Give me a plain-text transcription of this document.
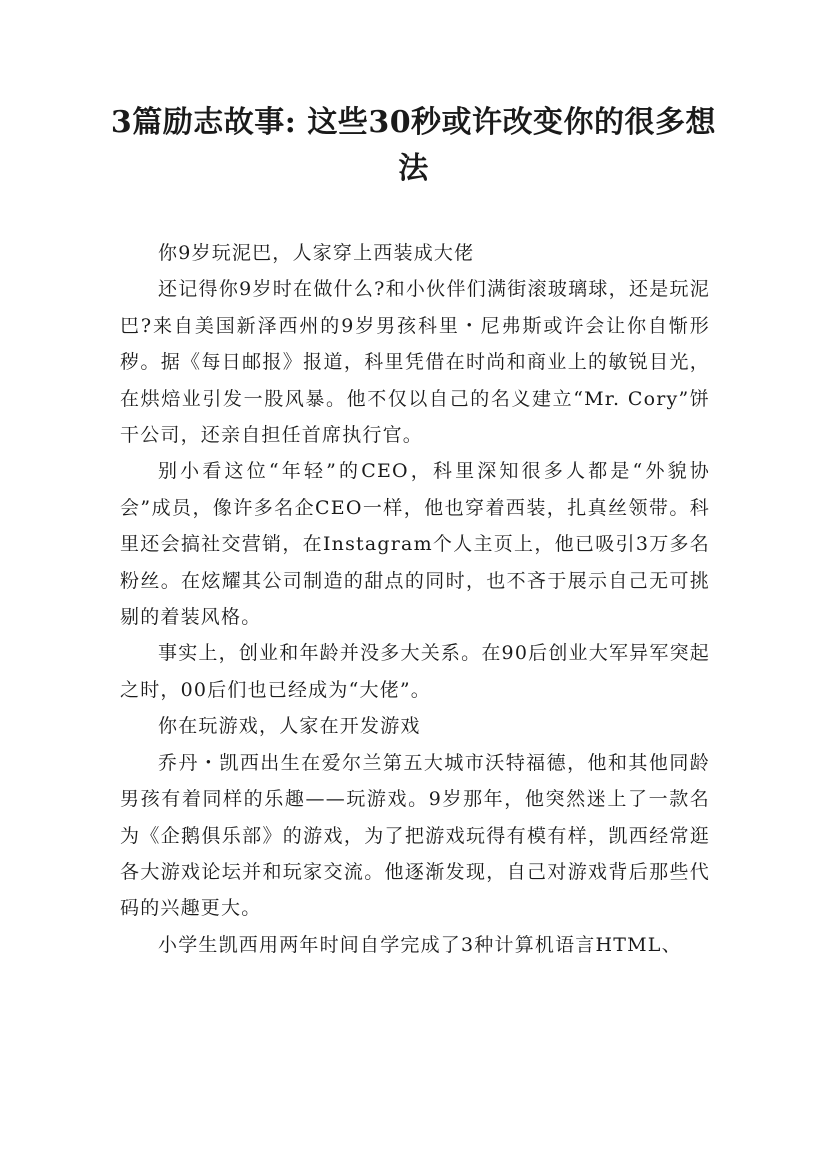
3篇励志故事: 这些30秒或许改变你的很多想法

你9岁玩泥巴，人家穿上西装成大佬

还记得你9岁时在做什么?和小伙伴们满街滚玻璃球，还是玩泥巴?来自美国新泽西州的9岁男孩科里・尼弗斯或许会让你自惭形秽。据《每日邮报》报道，科里凭借在时尚和商业上的敏锐目光，在烘焙业引发一股风暴。他不仅以自己的名义建立“Mr. Cory”饼干公司，还亲自担任首席执行官。

别小看这位“年轻”的CEO，科里深知很多人都是“外貌协会”成员，像许多名企CEO一样，他也穿着西装，扎真丝领带。科里还会搞社交营销，在Instagram个人主页上，他已吸引3万多名粉丝。在炫耀其公司制造的甜点的同时，也不吝于展示自己无可挑剔的着装风格。

事实上，创业和年龄并没多大关系。在90后创业大军异军突起之时，00后们也已经成为“大佬”。

你在玩游戏，人家在开发游戏

乔丹・凯西出生在爱尔兰第五大城市沃特福德，他和其他同龄男孩有着同样的乐趣——玩游戏。9岁那年，他突然迷上了一款名为《企鹅俱乐部》的游戏，为了把游戏玩得有模有样，凯西经常逛各大游戏论坛并和玩家交流。他逐渐发现，自己对游戏背后那些代码的兴趣更大。

小学生凯西用两年时间自学完成了3种计算机语言HTML、
